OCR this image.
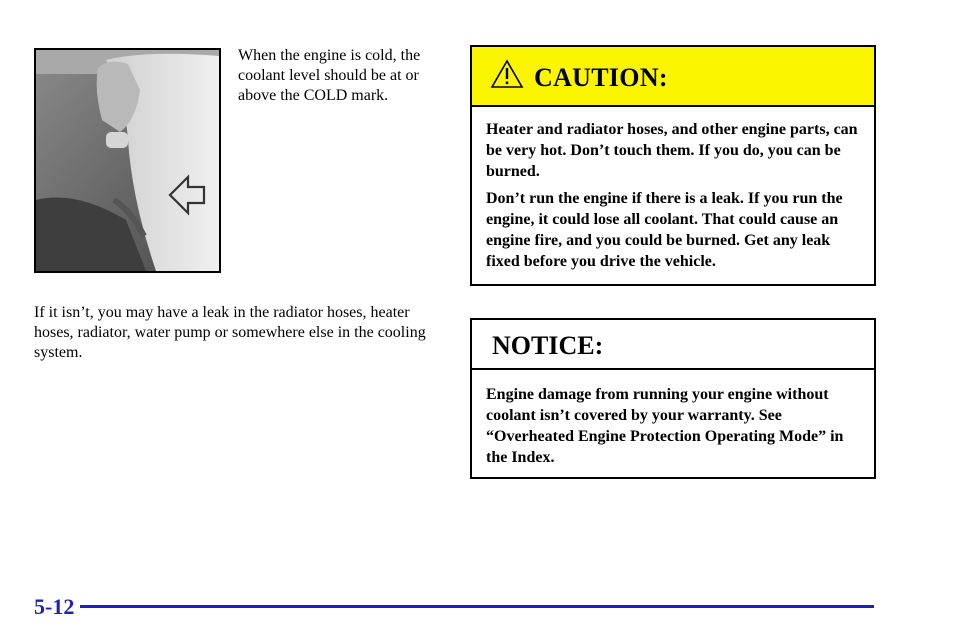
When the engine is cold, the coolant level should be at or above the COLD mark.
If it isn’t, you may have a leak in the radiator hoses, heater hoses, radiator, water pump or somewhere else in the cooling system.
CAUTION:

Heater and radiator hoses, and other engine parts, can be very hot. Don’t touch them. If you do, you can be burned.

Don’t run the engine if there is a leak. If you run the engine, it could lose all coolant. That could cause an engine fire, and you could be burned. Get any leak fixed before you drive the vehicle.

NOTICE:

Engine damage from running your engine without coolant isn’t covered by your warranty. See “Overheated Engine Protection Operating Mode” in the Index.

5-12
